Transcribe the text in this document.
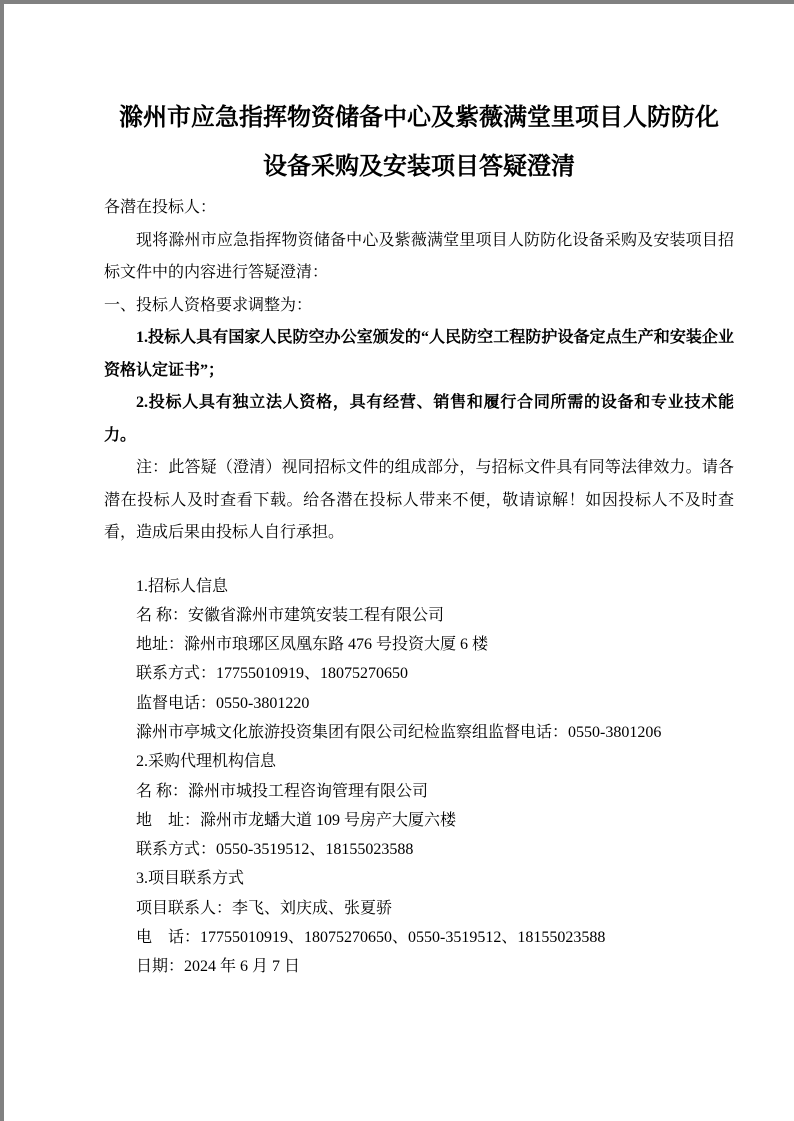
滁州市应急指挥物资储备中心及紫薇满堂里项目人防防化
设备采购及安装项目答疑澄清

各潜在投标人：

现将滁州市应急指挥物资储备中心及紫薇满堂里项目人防防化设备采购及安装项目招标文件中的内容进行答疑澄清：

一、投标人资格要求调整为：

1.投标人具有国家人民防空办公室颁发的“人民防空工程防护设备定点生产和安装企业资格认定证书”；

2.投标人具有独立法人资格，具有经营、销售和履行合同所需的设备和专业技术能力。

注：此答疑（澄清）视同招标文件的组成部分，与招标文件具有同等法律效力。请各潜在投标人及时查看下载。给各潜在投标人带来不便，敬请谅解！如因投标人不及时查看，造成后果由投标人自行承担。

1.招标人信息
名 称：安徽省滁州市建筑安装工程有限公司
地址：滁州市琅琊区凤凰东路 476 号投资大厦 6 楼
联系方式：17755010919、18075270650
监督电话：0550-3801220
滁州市亭城文化旅游投资集团有限公司纪检监察组监督电话：0550-3801206
2.采购代理机构信息
名 称：滁州市城投工程咨询管理有限公司
地　址：滁州市龙蟠大道 109 号房产大厦六楼
联系方式：0550-3519512、18155023588
3.项目联系方式
项目联系人：李飞、刘庆成、张夏骄
电　话：17755010919、18075270650、0550-3519512、18155023588
日期：2024 年 6 月 7 日
